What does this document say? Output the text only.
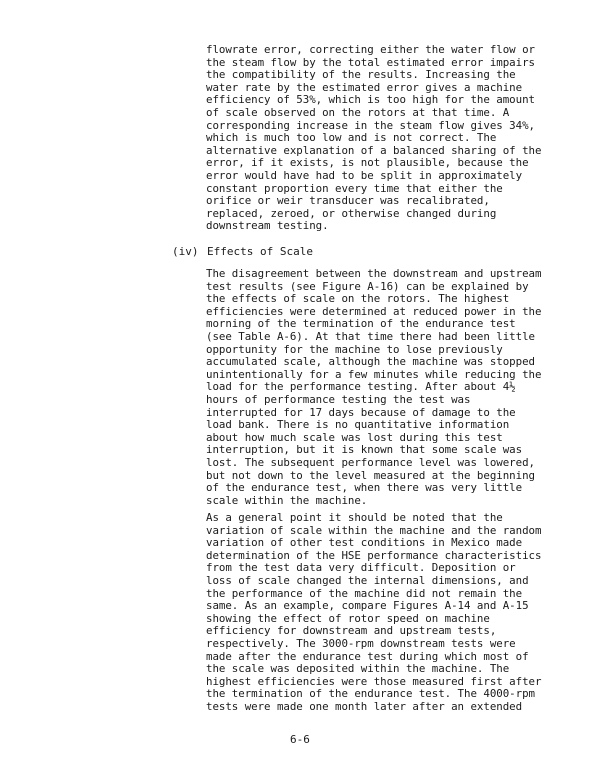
flowrate error, correcting either the water flow or

the steam flow by the total estimated error impairs

the compatibility of the results. Increasing the

water rate by the estimated error gives a machine

efficiency of 53%, which is too high for the amount

of scale observed on the rotors at that time. A

corresponding increase in the steam flow gives 34%,

which is much too low and is not correct. The

alternative explanation of a balanced sharing of the

error, if it exists, is not plausible, because the

error would have had to be split in approximately

constant proportion every time that either the

orifice or weir transducer was recalibrated,

replaced, zeroed, or otherwise changed during

downstream testing.

(iv) Effects of Scale

The disagreement between the downstream and upstream

test results (see Figure A-16) can be explained by

the effects of scale on the rotors. The highest

efficiencies were determined at reduced power in the

morning of the termination of the endurance test

(see Table A-6). At that time there had been little

opportunity for the machine to lose previously

accumulated scale, although the machine was stopped

unintentionally for a few minutes while reducing the

load for the performance testing. After about 4½

hours of performance testing the test was

interrupted for 17 days because of damage to the

load bank. There is no quantitative information

about how much scale was lost during this test

interruption, but it is known that some scale was

lost. The subsequent performance level was lowered,

but not down to the level measured at the beginning

of the endurance test, when there was very little

scale within the machine.

As a general point it should be noted that the

variation of scale within the machine and the random

variation of other test conditions in Mexico made

determination of the HSE performance characteristics

from the test data very difficult. Deposition or

loss of scale changed the internal dimensions, and

the performance of the machine did not remain the

same. As an example, compare Figures A-14 and A-15

showing the effect of rotor speed on machine

efficiency for downstream and upstream tests,

respectively. The 3000-rpm downstream tests were

made after the endurance test during which most of

the scale was deposited within the machine. The

highest efficiencies were those measured first after

the termination of the endurance test. The 4000-rpm

tests were made one month later after an extended

6-6
